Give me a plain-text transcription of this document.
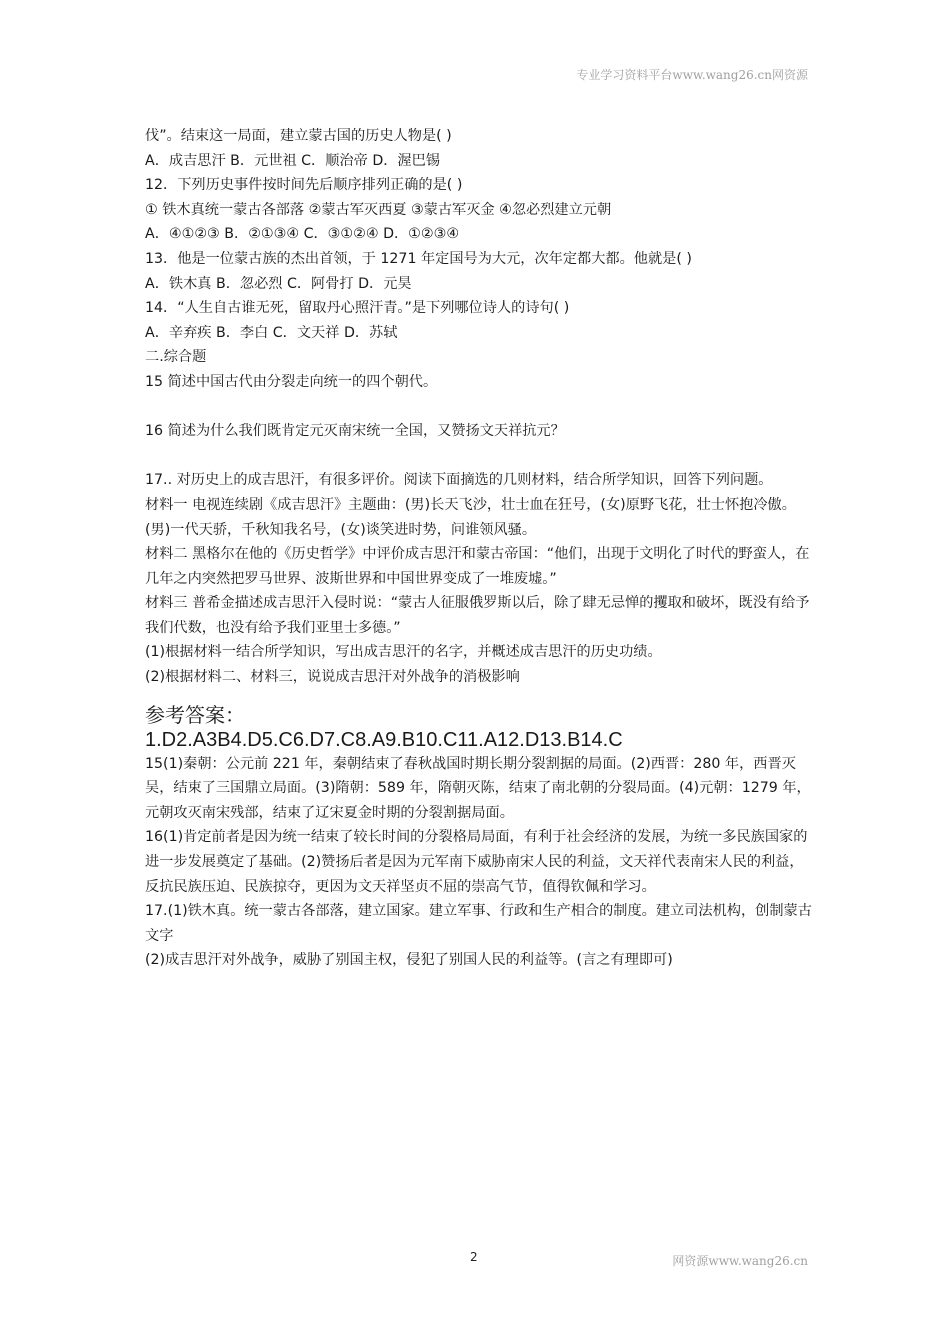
专业学习资料平台www.wang26.cn网资源
伐”。结束这一局面，建立蒙古国的历史人物是( )
A．成吉思汗 B．元世祖 C．顺治帝 D．渥巴锡
12．下列历史事件按时间先后顺序排列正确的是( )
① 铁木真统一蒙古各部落 ②蒙古军灭西夏 ③蒙古军灭金 ④忽必烈建立元朝
A．④①②③ B．②①③④ C．③①②④ D．①②③④
13．他是一位蒙古族的杰出首领，于 1271 年定国号为大元，次年定都大都。他就是( )
A．铁木真 B．忽必烈 C．阿骨打 D．元昊
14．“人生自古谁无死，留取丹心照汗青。”是下列哪位诗人的诗句( )
A．辛弃疾 B．李白 C．文天祥 D．苏轼
二.综合题
15 简述中国古代由分裂走向统一的四个朝代。
16 简述为什么我们既肯定元灭南宋统一全国，又赞扬文天祥抗元？
17.. 对历史上的成吉思汗，有很多评价。阅读下面摘选的几则材料，结合所学知识，回答下列问题。
材料一 电视连续剧《成吉思汗》主题曲：(男)长天飞沙，壮士血在狂号，(女)原野飞花，壮士怀抱冷傲。(男)一代天骄，千秋知我名号，(女)谈笑进时势，问谁领风骚。
材料二 黑格尔在他的《历史哲学》中评价成吉思汗和蒙古帝国：“他们，出现于文明化了时代的野蛮人，在几年之内突然把罗马世界、波斯世界和中国世界变成了一堆废墟。”
材料三 普希金描述成吉思汗入侵时说：“蒙古人征服俄罗斯以后，除了肆无忌惮的攫取和破坏，既没有给予我们代数，也没有给予我们亚里士多德。”
(1)根据材料一结合所学知识，写出成吉思汗的名字，并概述成吉思汗的历史功绩。
(2)根据材料二、材料三，说说成吉思汗对外战争的消极影响
参考答案：
1.D2.A3B4.D5.C6.D7.C8.A9.B10.C11.A12.D13.B14.C
15(1)秦朝：公元前 221 年，秦朝结束了春秋战国时期长期分裂割据的局面。(2)西晋：280 年，西晋灭吴，结束了三国鼎立局面。(3)隋朝：589 年，隋朝灭陈，结束了南北朝的分裂局面。(4)元朝：1279 年，元朝攻灭南宋残部，结束了辽宋夏金时期的分裂割据局面。
16(1)肯定前者是因为统一结束了较长时间的分裂格局局面，有利于社会经济的发展，为统一多民族国家的进一步发展奠定了基础。(2)赞扬后者是因为元军南下威胁南宋人民的利益，文天祥代表南宋人民的利益，反抗民族压迫、民族掠夺，更因为文天祥坚贞不屈的崇高气节，值得钦佩和学习。
17.(1)铁木真。统一蒙古各部落，建立国家。建立军事、行政和生产相合的制度。建立司法机构，创制蒙古文字
(2)成吉思汗对外战争，威胁了别国主权，侵犯了别国人民的利益等。(言之有理即可)
2	网资源www.wang26.cn
